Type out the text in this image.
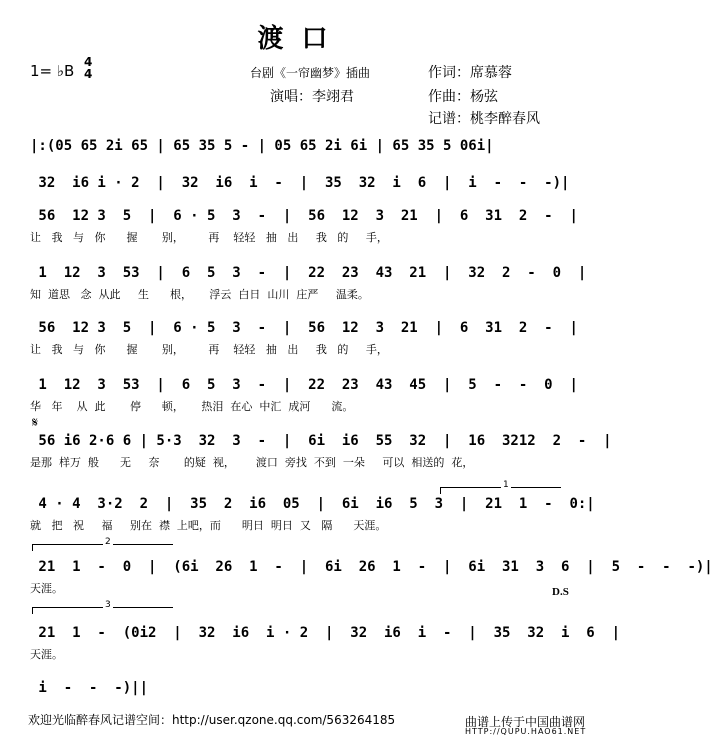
渡口
1= ♭B 4
4	台剧《一帘幽梦》插曲
演唱：李翊君
作词：席慕蓉
作曲：杨弦
记谱：桃李醉春风
|:(05 65 2i 65 | 65 35 5 - | 05 65 2i 6i | 65 35 5 06i|
32  i6 i · 2  |  32  i6  i  -  |  35  32  i  6  |  i  -  -  -)|
56  12 3  5  |  6 · 5  3  -  |  56  12  3  21  |  6  31  2  -  |
让   我   与   你      握       别，       再    轻轻   抽   出     我   的     手，
1  12  3  53  |  6  5  3  -  |  22  23  43  21  |  32  2  -  0  |
知  道思   念  从此     生      根，     浮云  白日  山川  庄严     温柔。
56  12 3  5  |  6 · 5  3  -  |  56  12  3  21  |  6  31  2  -  |
让   我   与   你      握       别，       再    轻轻   抽   出     我   的     手，
1  12  3  53  |  6  5  3  -  |  22  23  43  45  |  5  -  -  0  |
华   年    从  此       停      顿，     热泪  在心  中汇  成河      流。
𝄋
56 i6 2·6 6 | 5·3  32  3  -  |  6i  i6  55  32  |  16  3212  2  -  |
是那  样万  般      无     奈       的疑  视，      渡口  旁找  不到  一朵     可以  相送的  花，
1
4 · 4  3·2  2  |  35  2  i6  05  |  6i  i6  5  3  |  21  1  -  0:|
就   把   祝     福     别在  襟  上吧，而      明日  明日  又   隔      天涯。
2
21  1  -  0  |  (6i  26  1  -  |  6i  26  1  -  |  6i  31  3  6  |  5  -  -  -)|
天涯。	D.S
3
21  1  -  (0i2  |  32  i6  i · 2  |  32  i6  i  -  |  35  32  i  6  |
天涯。
i  -  -  -)||
欢迎光临醉春风记谱空间：http://user.qzone.qq.com/563264185	曲谱上传于中国曲谱网
HTTP://QUPU.HAO61.NET
